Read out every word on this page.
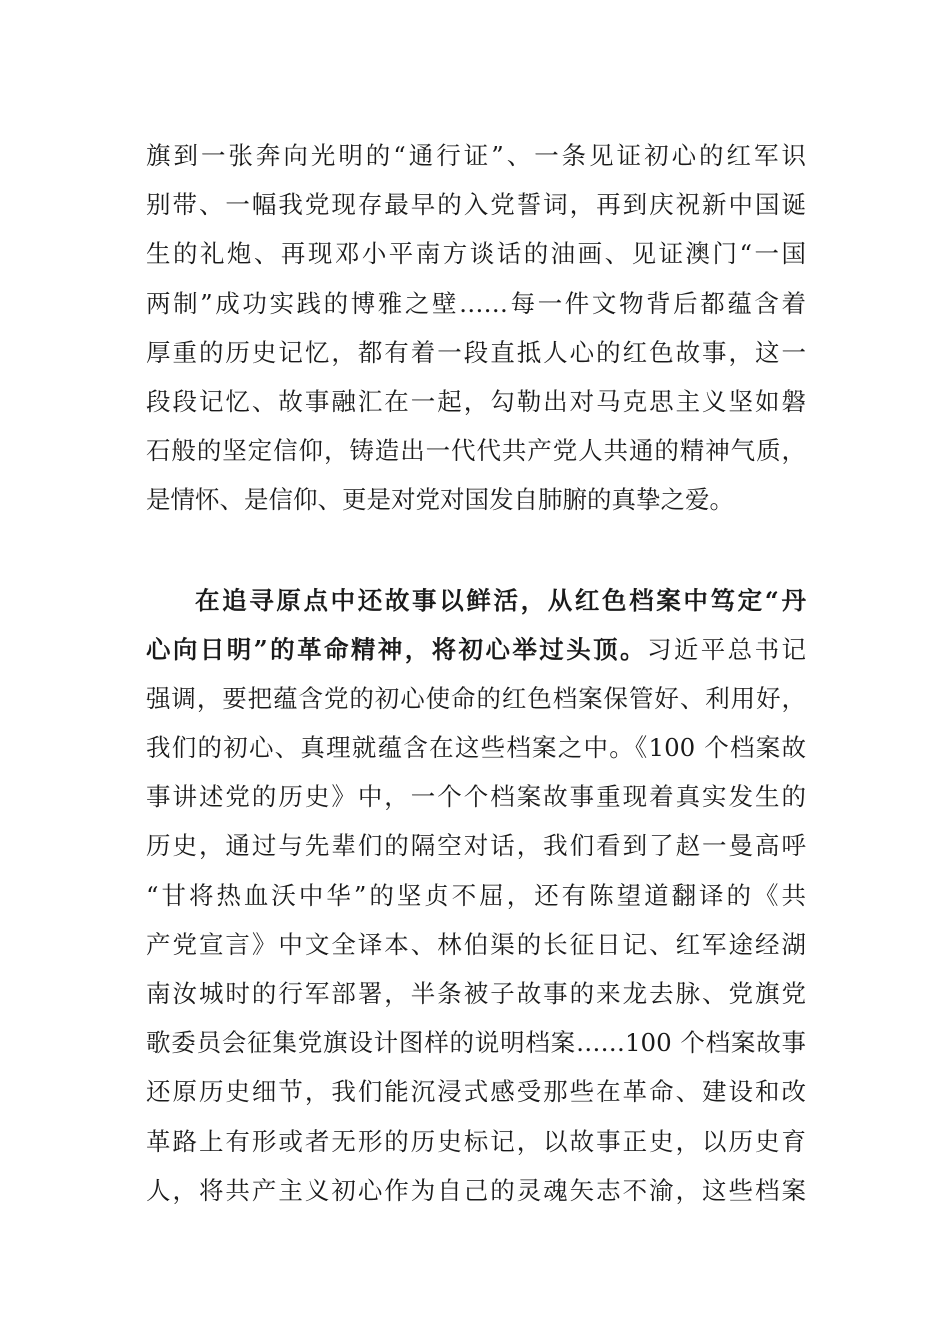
旗到一张奔向光明的“通行证”、一条见证初心的红军识
别带、一幅我党现存最早的入党誓词，再到庆祝新中国诞
生的礼炮、再现邓小平南方谈话的油画、见证澳门“一国
两制”成功实践的博雅之壁……每一件文物背后都蕴含着
厚重的历史记忆，都有着一段直抵人心的红色故事，这一
段段记忆、故事融汇在一起，勾勒出对马克思主义坚如磐
石般的坚定信仰，铸造出一代代共产党人共通的精神气质，
是情怀、是信仰、更是对党对国发自肺腑的真挚之爱。
在追寻原点中还故事以鲜活，从红色档案中笃定“丹
心向日明”的革命精神，将初心举过头顶。习近平总书记
强调，要把蕴含党的初心使命的红色档案保管好、利用好，
我们的初心、真理就蕴含在这些档案之中。《100 个档案故
事讲述党的历史》中，一个个档案故事重现着真实发生的
历史，通过与先辈们的隔空对话，我们看到了赵一曼高呼
“甘将热血沃中华”的坚贞不屈，还有陈望道翻译的《共
产党宣言》中文全译本、林伯渠的长征日记、红军途经湖
南汝城时的行军部署，半条被子故事的来龙去脉、党旗党
歌委员会征集党旗设计图样的说明档案……100 个档案故事
还原历史细节，我们能沉浸式感受那些在革命、建设和改
革路上有形或者无形的历史标记，以故事正史，以历史育
人，将共产主义初心作为自己的灵魂矢志不渝，这些档案
